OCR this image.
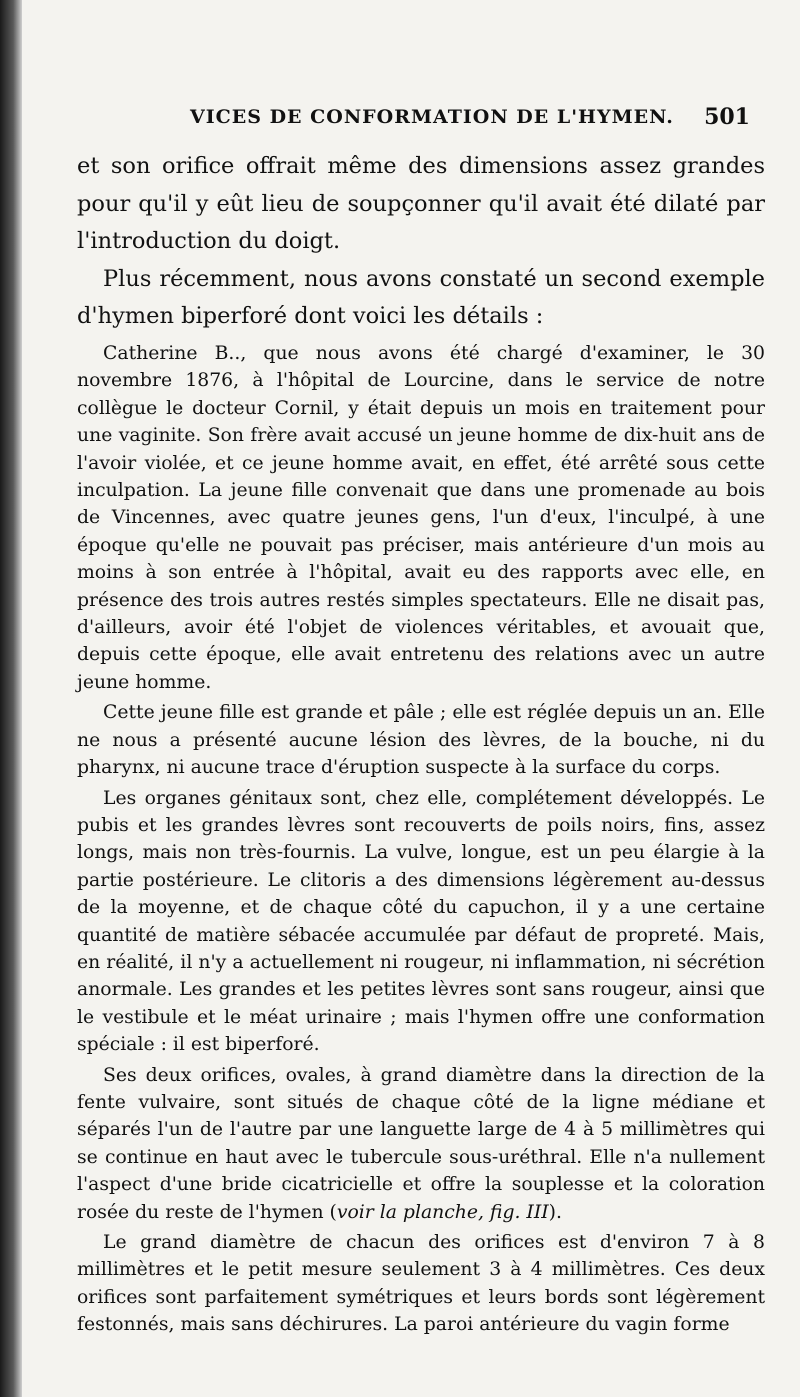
VICES DE CONFORMATION DE L'HYMEN. 501

et son orifice offrait même des dimensions assez grandes pour qu'il y eût lieu de soupçonner qu'il avait été dilaté par l'introduction du doigt.

Plus récemment, nous avons constaté un second exemple d'hymen biperforé dont voici les détails :

Catherine B.., que nous avons été chargé d'examiner, le 30 novembre 1876, à l'hôpital de Lourcine, dans le service de notre collègue le docteur Cornil, y était depuis un mois en traitement pour une vaginite. Son frère avait accusé un jeune homme de dix-huit ans de l'avoir violée, et ce jeune homme avait, en effet, été arrêté sous cette inculpation. La jeune fille convenait que dans une promenade au bois de Vincennes, avec quatre jeunes gens, l'un d'eux, l'inculpé, à une époque qu'elle ne pouvait pas préciser, mais antérieure d'un mois au moins à son entrée à l'hôpital, avait eu des rapports avec elle, en présence des trois autres restés simples spectateurs. Elle ne disait pas, d'ailleurs, avoir été l'objet de violences véritables, et avouait que, depuis cette époque, elle avait entretenu des relations avec un autre jeune homme.

Cette jeune fille est grande et pâle ; elle est réglée depuis un an. Elle ne nous a présenté aucune lésion des lèvres, de la bouche, ni du pharynx, ni aucune trace d'éruption suspecte à la surface du corps.

Les organes génitaux sont, chez elle, complétement développés. Le pubis et les grandes lèvres sont recouverts de poils noirs, fins, assez longs, mais non très-fournis. La vulve, longue, est un peu élargie à la partie postérieure. Le clitoris a des dimensions légèrement au-dessus de la moyenne, et de chaque côté du capuchon, il y a une certaine quantité de matière sébacée accumulée par défaut de propreté. Mais, en réalité, il n'y a actuellement ni rougeur, ni inflammation, ni sécrétion anormale. Les grandes et les petites lèvres sont sans rougeur, ainsi que le vestibule et le méat urinaire ; mais l'hymen offre une conformation spéciale : il est biperforé.

Ses deux orifices, ovales, à grand diamètre dans la direction de la fente vulvaire, sont situés de chaque côté de la ligne médiane et séparés l'un de l'autre par une languette large de 4 à 5 millimètres qui se continue en haut avec le tubercule sous-uréthral. Elle n'a nullement l'aspect d'une bride cicatricielle et offre la souplesse et la coloration rosée du reste de l'hymen (voir la planche, fig. III).

Le grand diamètre de chacun des orifices est d'environ 7 à 8 millimètres et le petit mesure seulement 3 à 4 millimètres. Ces deux orifices sont parfaitement symétriques et leurs bords sont légèrement festonnés, mais sans déchirures. La paroi antérieure du vagin forme
